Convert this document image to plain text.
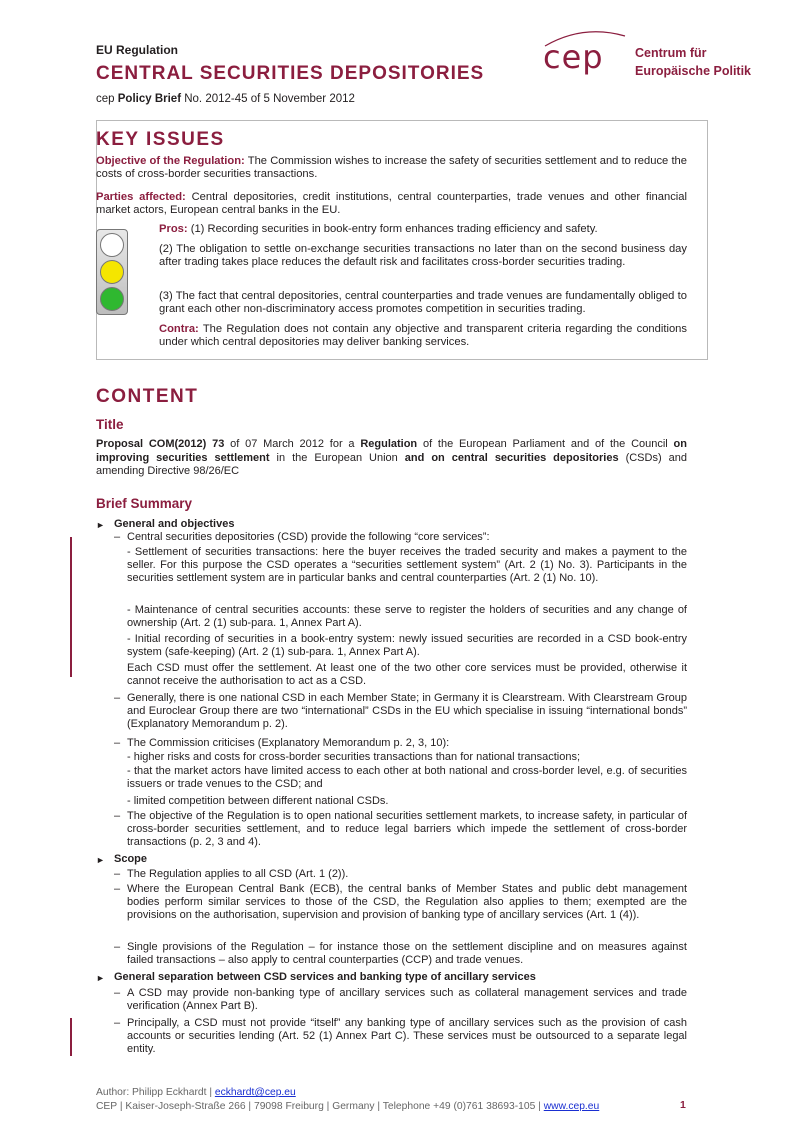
EU Regulation
CENTRAL SECURITIES DEPOSITORIES
cep Policy Brief No. 2012-45 of 5 November 2012
cep	Centrum für
Europäische Politik
KEY ISSUES
Objective of the Regulation: The Commission wishes to increase the safety of securities settlement and to reduce the costs of cross-border securities transactions.
Parties affected: Central depositories, credit institutions, central counterparties, trade venues and other financial market actors, European central banks in the EU.
Pros: (1) Recording securities in book-entry form enhances trading efficiency and safety.
(2) The obligation to settle on-exchange securities transactions no later than on the second business day after trading takes place reduces the default risk and facilitates cross-border securities trading.
(3) The fact that central depositories, central counterparties and trade venues are fundamentally obliged to grant each other non-discriminatory access promotes competition in securities trading.
Contra: The Regulation does not contain any objective and transparent criteria regarding the conditions under which central depositories may deliver banking services.
CONTENT
Title
Proposal COM(2012) 73 of 07 March 2012 for a Regulation of the European Parliament and of the Council on improving securities settlement in the European Union and on central securities depositories (CSDs) and amending Directive 98/26/EC
Brief Summary
► General and objectives
– Central securities depositories (CSD) provide the following “core services”:
- Settlement of securities transactions: here the buyer receives the traded security and makes a payment to the seller. For this purpose the CSD operates a “securities settlement system” (Art. 2 (1) No. 3). Participants in the securities settlement system are in particular banks and central counterparties (Art. 2 (1) No. 10).
- Maintenance of central securities accounts: these serve to register the holders of securities and any change of ownership (Art. 2 (1) sub-para. 1, Annex Part A).
- Initial recording of securities in a book-entry system: newly issued securities are recorded in a CSD book-entry system (safe-keeping) (Art. 2 (1) sub-para. 1, Annex Part A).
Each CSD must offer the settlement. At least one of the two other core services must be provided, otherwise it cannot receive the authorisation to act as a CSD.
– Generally, there is one national CSD in each Member State; in Germany it is Clearstream. With Clearstream Group and Euroclear Group there are two “international” CSDs in the EU which specialise in issuing “international bonds” (Explanatory Memorandum p. 2).
– The Commission criticises (Explanatory Memorandum p. 2, 3, 10):
- higher risks and costs for cross-border securities transactions than for national transactions;
- that the market actors have limited access to each other at both national and cross-border level, e.g. of securities issuers or trade venues to the CSD; and
- limited competition between different national CSDs.
– The objective of the Regulation is to open national securities settlement markets, to increase safety, in particular of cross-border securities settlement, and to reduce legal barriers which impede the settlement of cross-border transactions (p. 2, 3 and 4).
► Scope
– The Regulation applies to all CSD (Art. 1 (2)).
– Where the European Central Bank (ECB), the central banks of Member States and public debt management bodies perform similar services to those of the CSD, the Regulation also applies to them; exempted are the provisions on the authorisation, supervision and provision of banking type of ancillary services (Art. 1 (4)).
– Single provisions of the Regulation – for instance those on the settlement discipline and on measures against failed transactions – also apply to central counterparties (CCP) and trade venues.
► General separation between CSD services and banking type of ancillary services
– A CSD may provide non-banking type of ancillary services such as collateral management services and trade verification (Annex Part B).
– Principally, a CSD must not provide “itself” any banking type of ancillary services such as the provision of cash accounts or securities lending (Art. 52 (1) Annex Part C). These services must be outsourced to a separate legal entity.
Author: Philipp Eckhardt | eckhardt@cep.eu
CEP | Kaiser-Joseph-Straße 266 | 79098 Freiburg | Germany | Telephone +49 (0)761 38693-105 | www.cep.eu	1
